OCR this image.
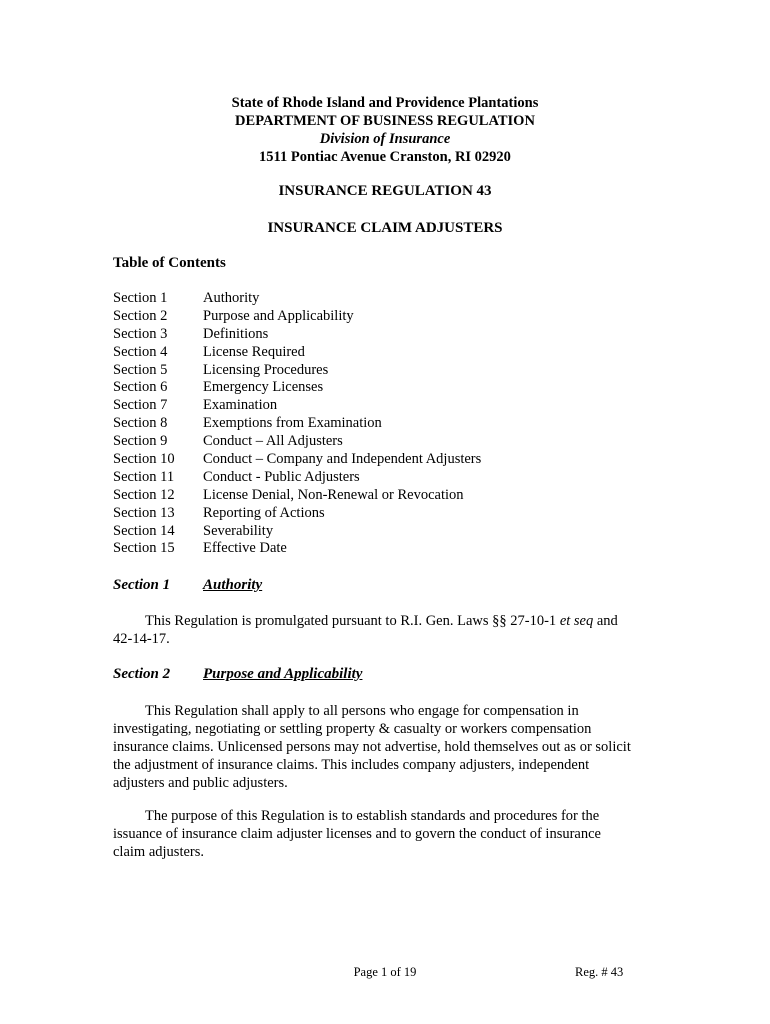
State of Rhode Island and Providence Plantations
DEPARTMENT OF BUSINESS REGULATION
Division of Insurance
1511 Pontiac Avenue Cranston, RI 02920
INSURANCE REGULATION 43
INSURANCE CLAIM ADJUSTERS
Table of Contents
Section 1	Authority
Section 2	Purpose and Applicability
Section 3	Definitions
Section 4	License Required
Section 5	Licensing Procedures
Section 6	Emergency Licenses
Section 7	Examination
Section 8	Exemptions from Examination
Section 9	Conduct – All Adjusters
Section 10	Conduct – Company and Independent Adjusters
Section 11	Conduct - Public Adjusters
Section 12	License Denial, Non-Renewal or Revocation
Section 13	Reporting of Actions
Section 14	Severability
Section 15	Effective Date
Section 1 Authority
This Regulation is promulgated pursuant to R.I. Gen. Laws §§ 27-10-1 et seq and
42-14-17.
Section 2 Purpose and Applicability
This Regulation shall apply to all persons who engage for compensation in
investigating, negotiating or settling property & casualty or workers compensation
insurance claims. Unlicensed persons may not advertise, hold themselves out as or solicit
the adjustment of insurance claims. This includes company adjusters, independent
adjusters and public adjusters.
The purpose of this Regulation is to establish standards and procedures for the
issuance of insurance claim adjuster licenses and to govern the conduct of insurance
claim adjusters.
Page 1 of 19	Reg. # 43
